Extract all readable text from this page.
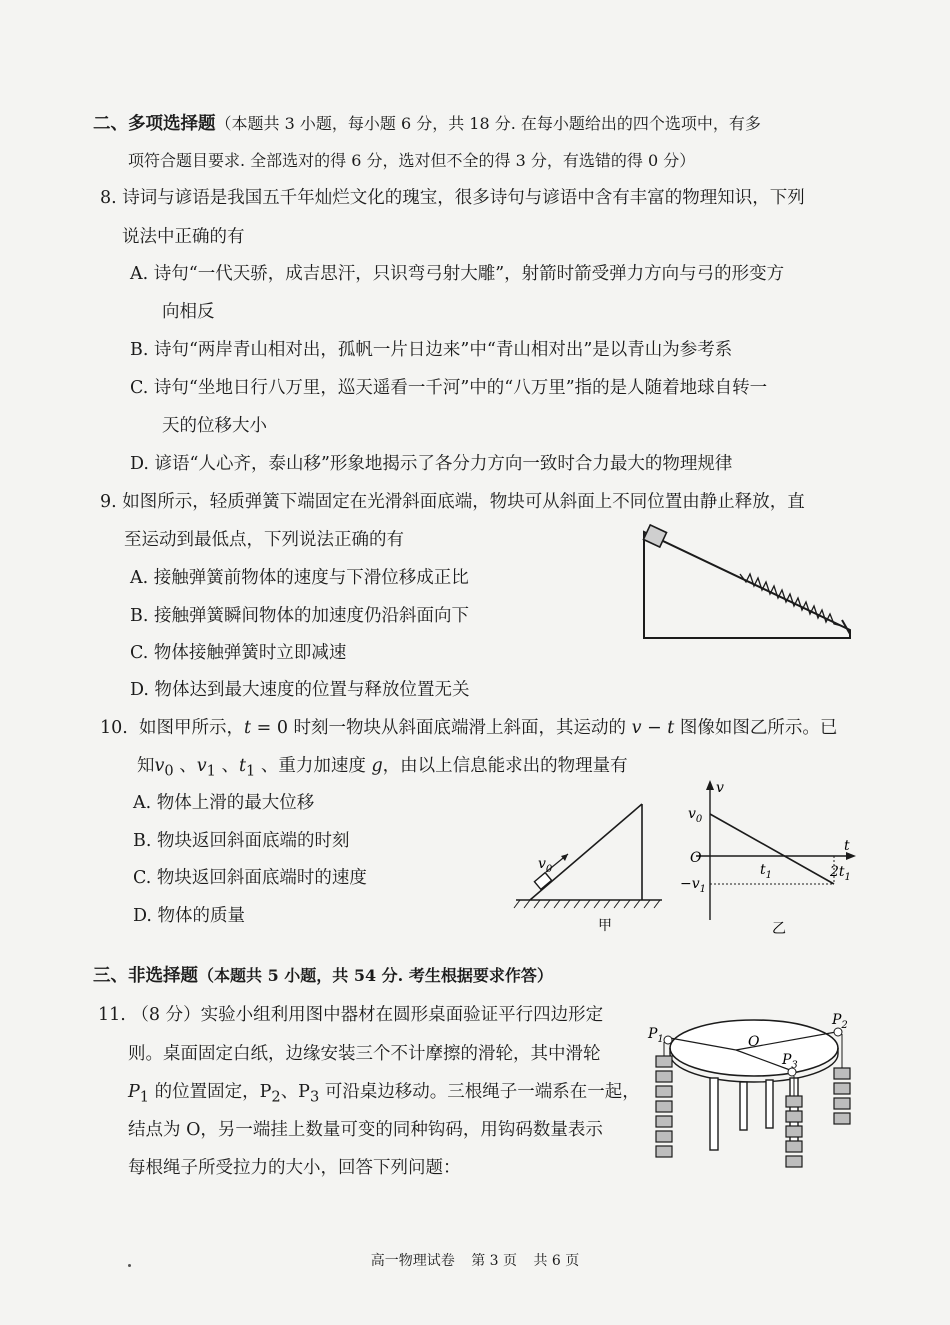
二、多项选择题（本题共 3 小题，每小题 6 分，共 18 分. 在每小题给出的四个选项中，有多
项符合题目要求. 全部选对的得 6 分，选对但不全的得 3 分，有选错的得 0 分）
8. 诗词与谚语是我国五千年灿烂文化的瑰宝，很多诗句与谚语中含有丰富的物理知识，下列
说法中正确的有
A. 诗句“一代天骄，成吉思汗，只识弯弓射大雕”，射箭时箭受弹力方向与弓的形变方
向相反
B. 诗句“两岸青山相对出，孤帆一片日边来”中“青山相对出”是以青山为参考系
C. 诗句“坐地日行八万里，巡天遥看一千河”中的“八万里”指的是人随着地球自转一
天的位移大小
D. 谚语“人心齐，泰山移”形象地揭示了各分力方向一致时合力最大的物理规律
9. 如图所示，轻质弹簧下端固定在光滑斜面底端，物块可从斜面上不同位置由静止释放，直
至运动到最低点，下列说法正确的有
A. 接触弹簧前物体的速度与下滑位移成正比
B. 接触弹簧瞬间物体的加速度仍沿斜面向下
C. 物体接触弹簧时立即减速
D. 物体达到最大速度的位置与释放位置无关
10. 如图甲所示，t = 0 时刻一物块从斜面底端滑上斜面，其运动的 v − t 图像如图乙所示。已
知$v_0$ 、$v_1$ 、$t_1$ 、重力加速度 g，由以上信息能求出的物理量有
A. 物体上滑的最大位移
B. 物块返回斜面底端的时刻
C. 物块返回斜面底端时的速度
D. 物体的质量
$v_0$
甲
v
t
O
$v_0$
$-v_1$
$t_1$	$2t_1$
乙
三、非选择题（本题共 5 小题，共 54 分. 考生根据要求作答）
11. （8 分）实验小组利用图中器材在圆形桌面验证平行四边形定
则。桌面固定白纸，边缘安装三个不计摩擦的滑轮，其中滑轮
$P_1$ 的位置固定，$P_2$、$P_3$ 可沿桌边移动。三根绳子一端系在一起，
结点为 O，另一端挂上数量可变的同种钩码，用钩码数量表示
每根绳子所受拉力的大小，回答下列问题：
$P_1$
$P_2$
$P_3$
O
高一物理试卷 第 3 页 共 6 页
